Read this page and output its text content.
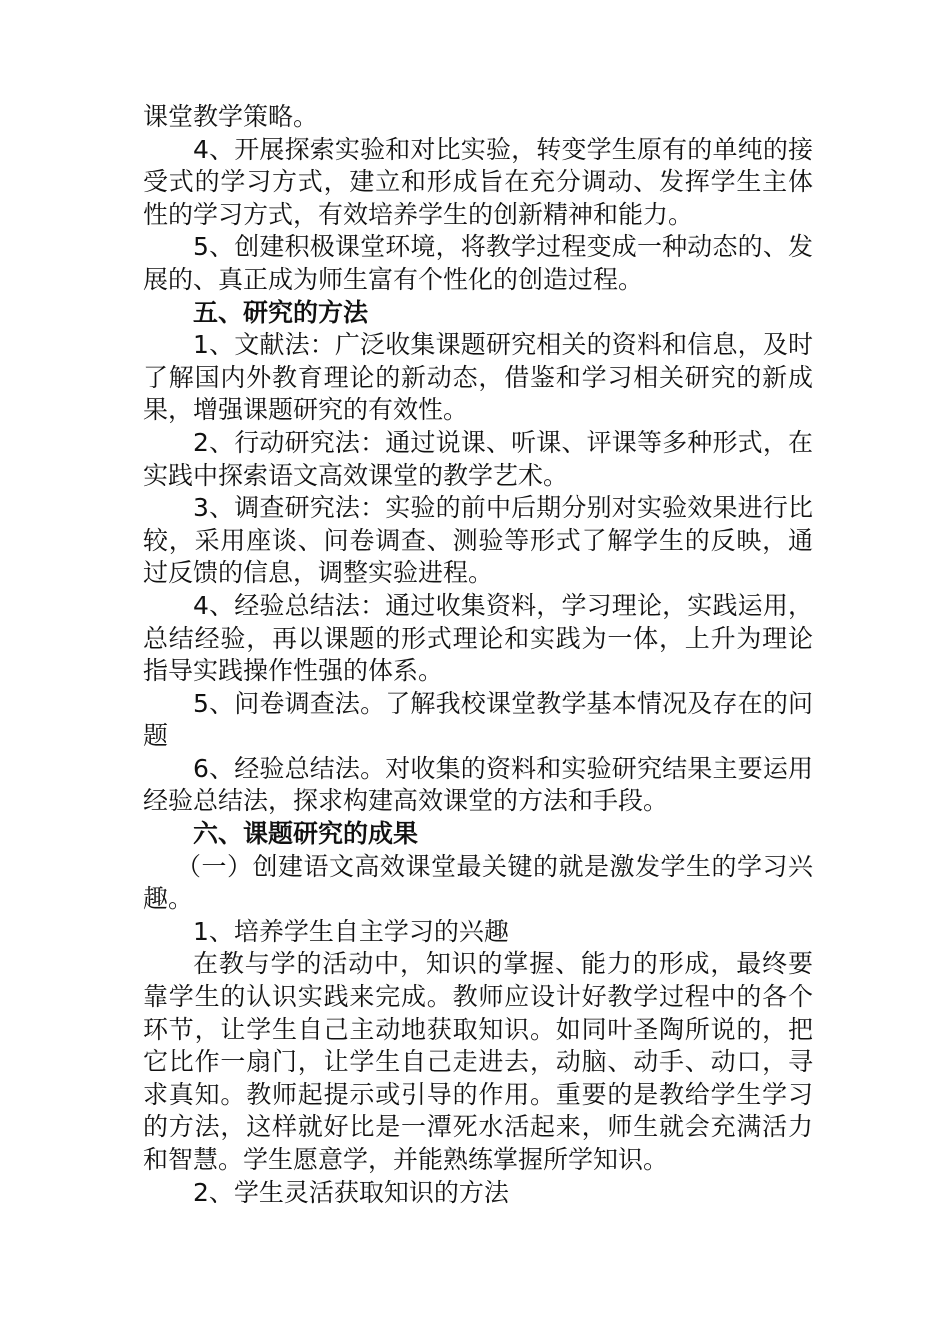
课堂教学策略。

4、开展探索实验和对比实验，转变学生原有的单纯的接受式的学习方式，建立和形成旨在充分调动、发挥学生主体性的学习方式，有效培养学生的创新精神和能力。

5、创建积极课堂环境，将教学过程变成一种动态的、发展的、真正成为师生富有个性化的创造过程。

五、研究的方法

1、文献法：广泛收集课题研究相关的资料和信息，及时了解国内外教育理论的新动态，借鉴和学习相关研究的新成果，增强课题研究的有效性。

2、行动研究法：通过说课、听课、评课等多种形式，在实践中探索语文高效课堂的教学艺术。

3、调查研究法：实验的前中后期分别对实验效果进行比较，采用座谈、问卷调查、测验等形式了解学生的反映，通过反馈的信息，调整实验进程。

4、经验总结法：通过收集资料，学习理论，实践运用，总结经验，再以课题的形式理论和实践为一体，上升为理论指导实践操作性强的体系。

5、问卷调查法。了解我校课堂教学基本情况及存在的问题

6、经验总结法。对收集的资料和实验研究结果主要运用经验总结法，探求构建高效课堂的方法和手段。

六、课题研究的成果

（一）创建语文高效课堂最关键的就是激发学生的学习兴趣。

1、培养学生自主学习的兴趣

在教与学的活动中，知识的掌握、能力的形成，最终要靠学生的认识实践来完成。教师应设计好教学过程中的各个环节，让学生自己主动地获取知识。如同叶圣陶所说的，把它比作一扇门，让学生自己走进去，动脑、动手、动口，寻求真知。教师起提示或引导的作用。重要的是教给学生学习的方法，这样就好比是一潭死水活起来，师生就会充满活力和智慧。学生愿意学，并能熟练掌握所学知识。

2、学生灵活获取知识的方法
